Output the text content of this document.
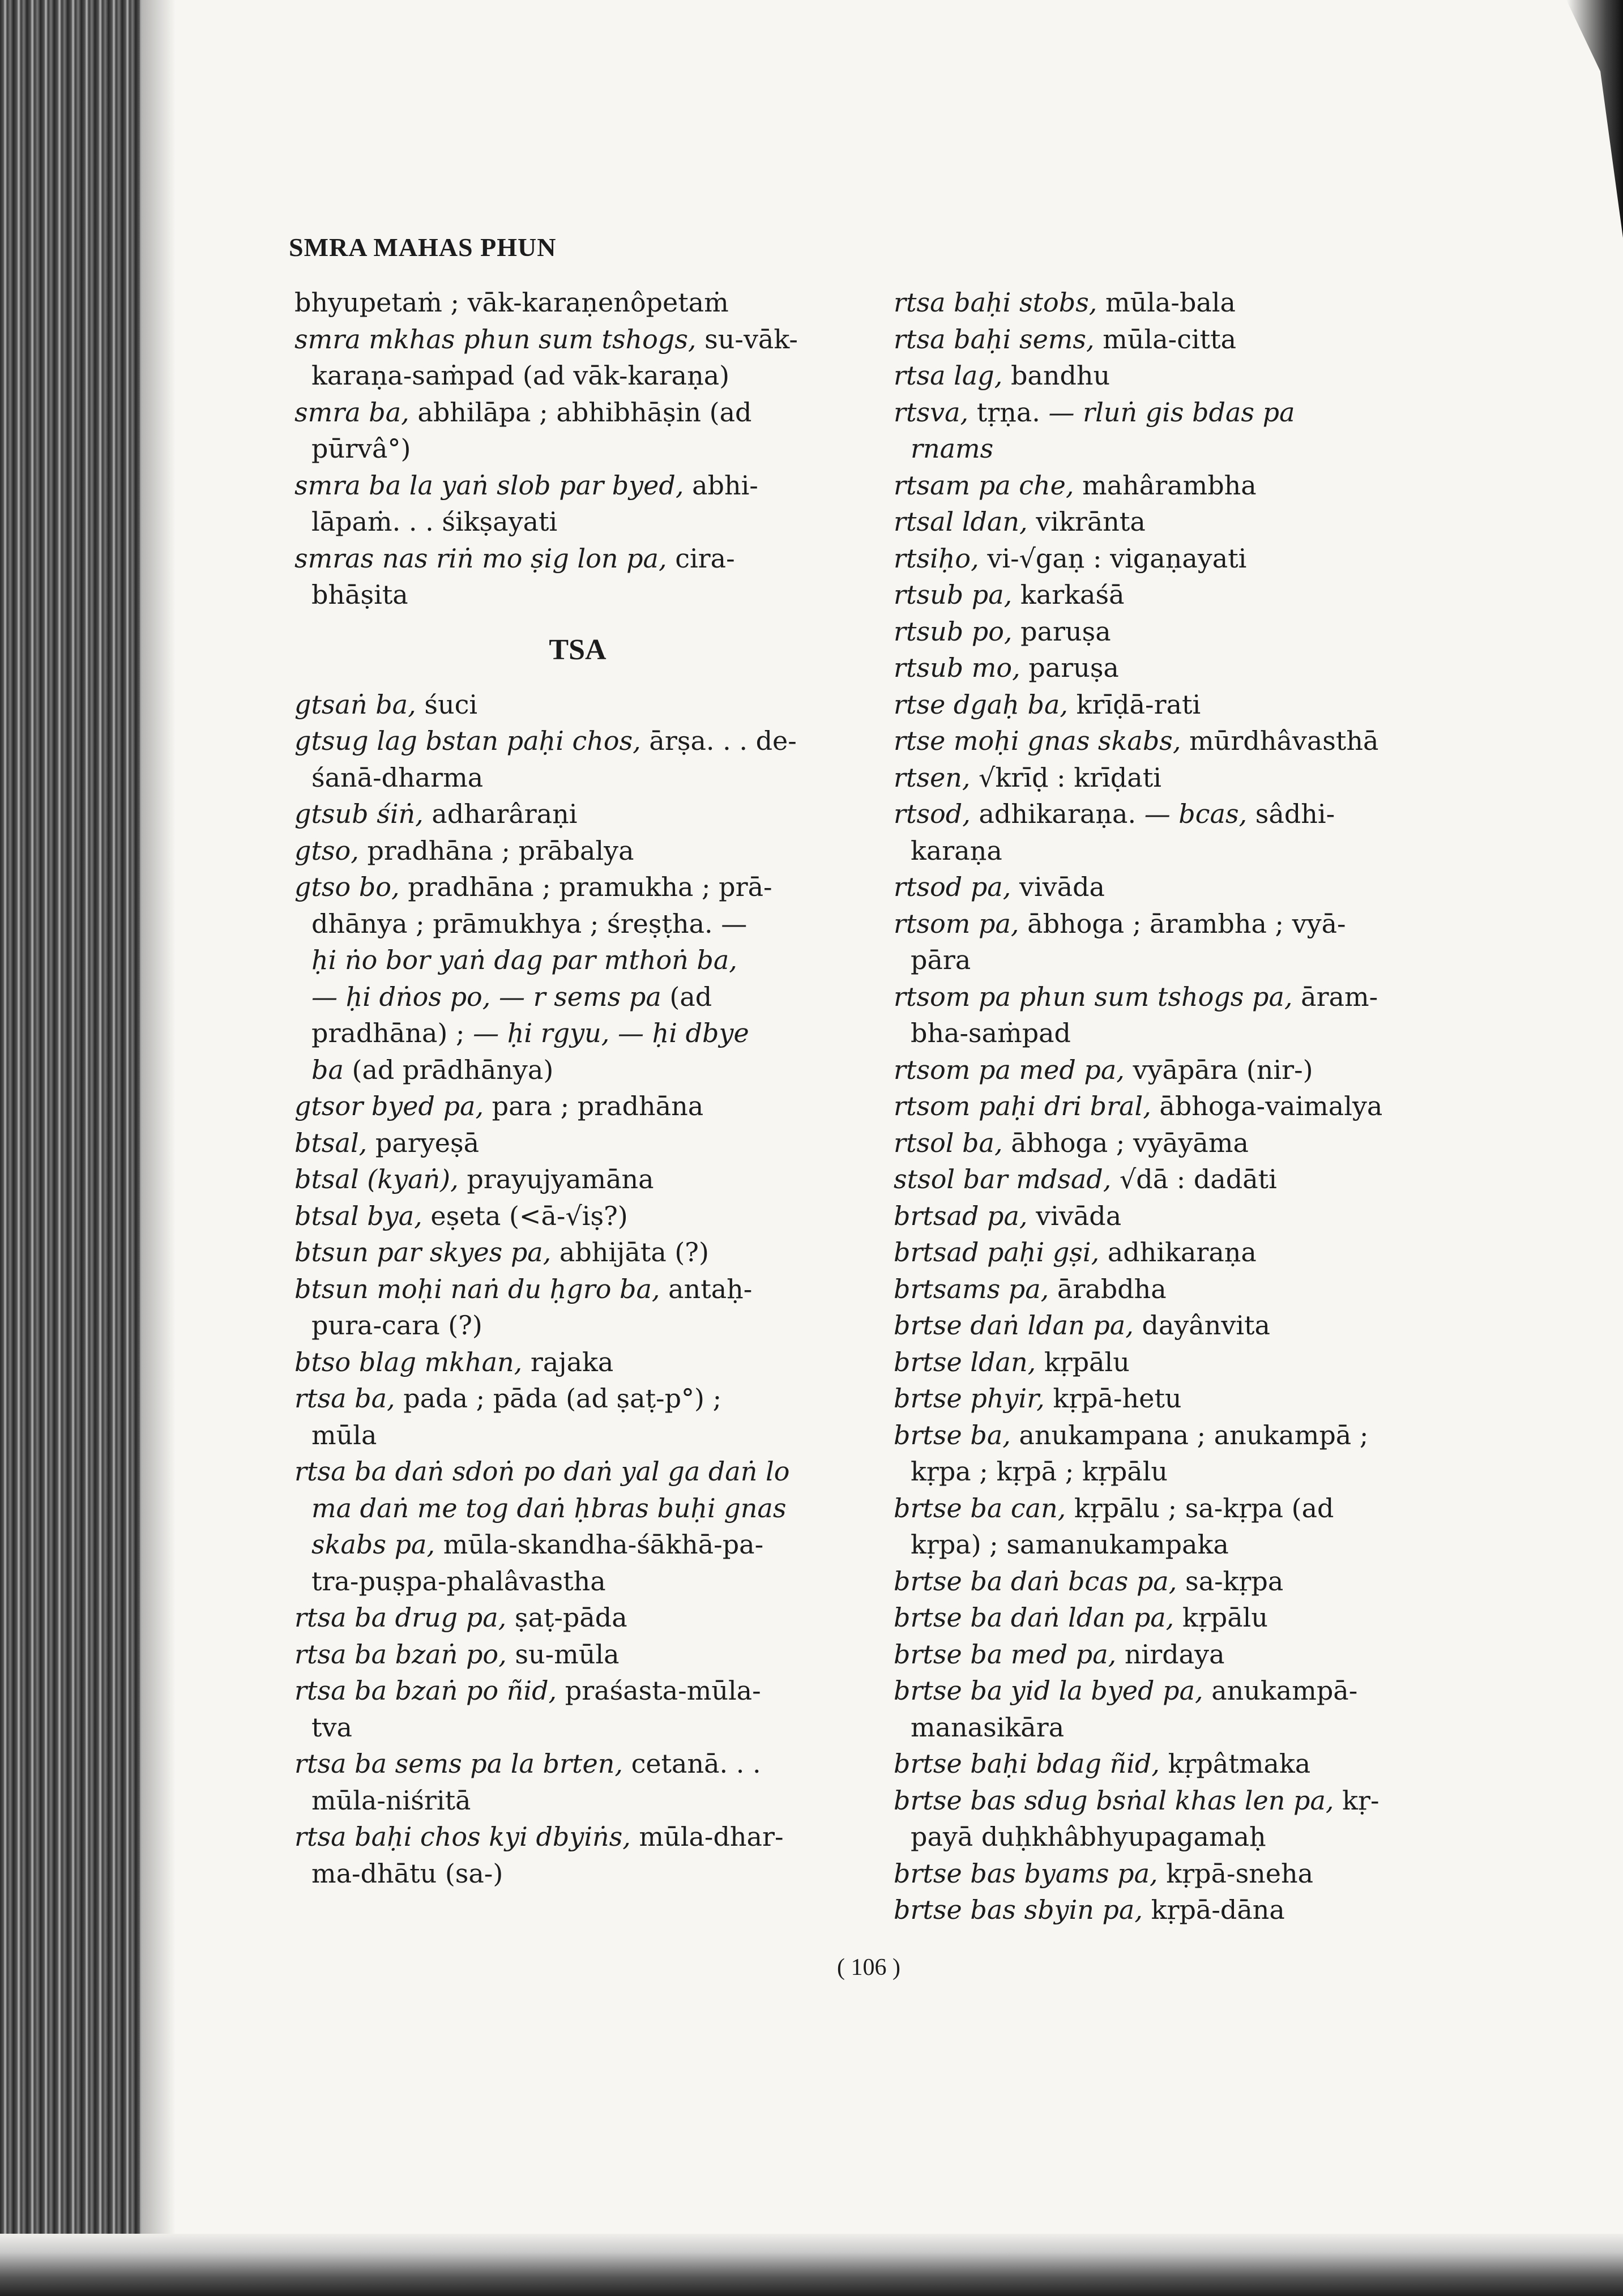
SMRA MAHAS PHUN
bhyupetaṁ ; vāk-karaṇenôpetaṁ
smra mkhas phun sum tshogs, su-vāk-
karaṇa-saṁpad (ad vāk-karaṇa)
smra ba, abhilāpa ; abhibhāṣin (ad
pūrvâ°)
smra ba la yaṅ slob par byed, abhi-
lāpaṁ. . . śikṣayati
smras nas riṅ mo ṣig lon pa, cira-
bhāṣita
TSA
gtsaṅ ba, śuci
gtsug lag bstan paḥi chos, ārṣa. . . de-
śanā-dharma
gtsub śiṅ, adharâraṇi
gtso, pradhāna ; prābalya
gtso bo, pradhāna ; pramukha ; prā-
dhānya ; prāmukhya ; śreṣṭha. —
ḥi ṅo bor yaṅ dag par mthoṅ ba,
— ḥi dṅos po, — r sems pa (ad
pradhāna) ; — ḥi rgyu, — ḥi dbye
ba (ad prādhānya)
gtsor byed pa, para ; pradhāna
btsal, paryeṣā
btsal (kyaṅ), prayujyamāna
btsal bya, eṣeta (<ā-√iṣ?)
btsun par skyes pa, abhijāta (?)
btsun moḥi naṅ du ḥgro ba, antaḥ-
pura-cara (?)
btso blag mkhan, rajaka
rtsa ba, pada ; pāda (ad ṣaṭ-p°) ;
mūla
rtsa ba daṅ sdoṅ po daṅ yal ga daṅ lo
ma daṅ me tog daṅ ḥbras buḥi gnas
skabs pa, mūla-skandha-śākhā-pa-
tra-puṣpa-phalâvastha
rtsa ba drug pa, ṣaṭ-pāda
rtsa ba bzaṅ po, su-mūla
rtsa ba bzaṅ po ñid, praśasta-mūla-
tva
rtsa ba sems pa la brten, cetanā. . .
mūla-niśritā
rtsa baḥi chos kyi dbyiṅs, mūla-dhar-
ma-dhātu (sa-)
rtsa baḥi stobs, mūla-bala
rtsa baḥi sems, mūla-citta
rtsa lag, bandhu
rtsva, tṛṇa. — rluṅ gis bdas pa
rnams
rtsam pa che, mahârambha
rtsal ldan, vikrānta
rtsiḥo, vi-√gaṇ : vigaṇayati
rtsub pa, karkaśā
rtsub po, paruṣa
rtsub mo, paruṣa
rtse dgaḥ ba, krīḍā-rati
rtse moḥi gnas skabs, mūrdhâvasthā
rtsen, √krīḍ : krīḍati
rtsod, adhikaraṇa. — bcas, sâdhi-
karaṇa
rtsod pa, vivāda
rtsom pa, ābhoga ; ārambha ; vyā-
pāra
rtsom pa phun sum tshogs pa, āram-
bha-saṁpad
rtsom pa med pa, vyāpāra (nir-)
rtsom paḥi dri bral, ābhoga-vaimalya
rtsol ba, ābhoga ; vyāyāma
stsol bar mdsad, √dā : dadāti
brtsad pa, vivāda
brtsad paḥi gṣi, adhikaraṇa
brtsams pa, ārabdha
brtse daṅ ldan pa, dayânvita
brtse ldan, kṛpālu
brtse phyir, kṛpā-hetu
brtse ba, anukampana ; anukampā ;
kṛpa ; kṛpā ; kṛpālu
brtse ba can, kṛpālu ; sa-kṛpa (ad
kṛpa) ; samanukampaka
brtse ba daṅ bcas pa, sa-kṛpa
brtse ba daṅ ldan pa, kṛpālu
brtse ba med pa, nirdaya
brtse ba yid la byed pa, anukampā-
manasikāra
brtse baḥi bdag ñid, kṛpâtmaka
brtse bas sdug bsṅal khas len pa, kṛ-
payā duḥkhâbhyupagamaḥ
brtse bas byams pa, kṛpā-sneha
brtse bas sbyin pa, kṛpā-dāna
( 106 )
